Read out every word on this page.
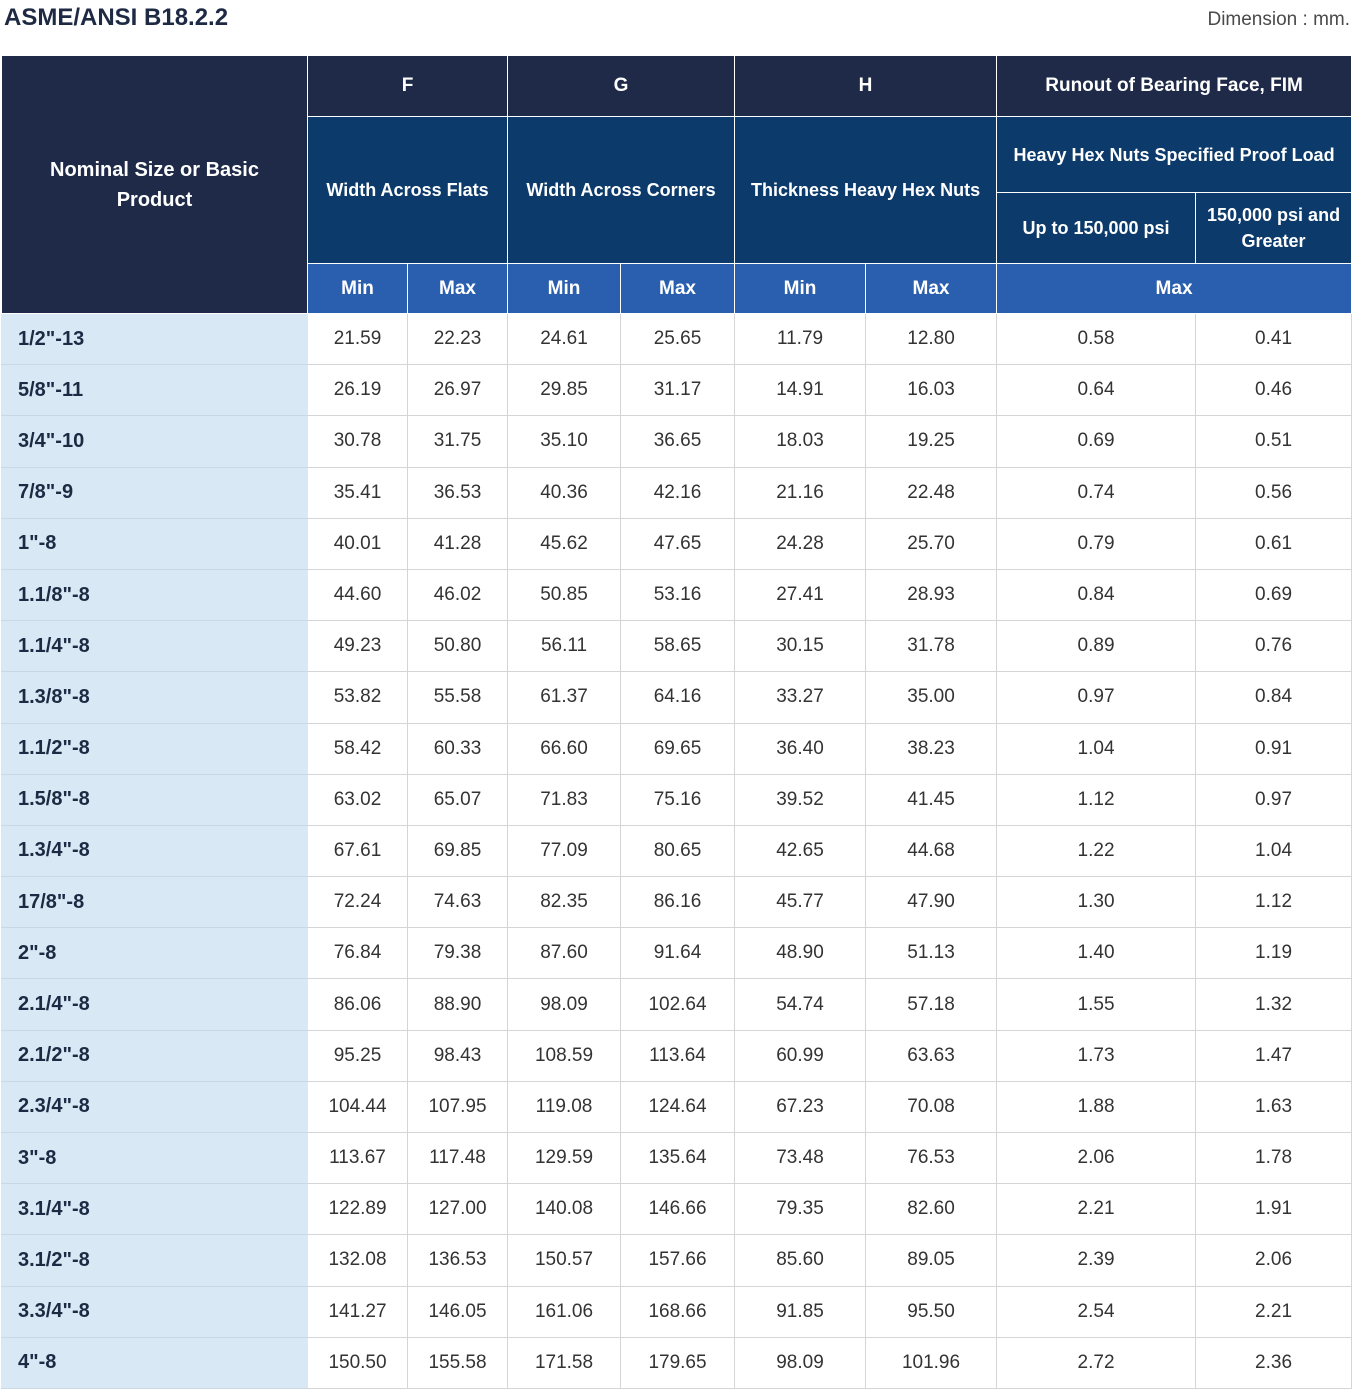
ASME/ANSI B18.2.2	Dimension : mm.
Nominal Size or Basic Product	F		G		H		Runout of Bearing Face, FIM	
	Width Across Flats		Width Across Corners		Thickness Heavy Hex Nuts		Heavy Hex Nuts Specified Proof Load	
							Up to 150,000 psi	150,000 psi and Greater
	Min	Max	Min	Max	Min	Max	Max	
1/2"-13	21.59	22.23	24.61	25.65	11.79	12.80	0.58	0.41
5/8"-11	26.19	26.97	29.85	31.17	14.91	16.03	0.64	0.46
3/4"-10	30.78	31.75	35.10	36.65	18.03	19.25	0.69	0.51
7/8"-9	35.41	36.53	40.36	42.16	21.16	22.48	0.74	0.56
1"-8	40.01	41.28	45.62	47.65	24.28	25.70	0.79	0.61
1.1/8"-8	44.60	46.02	50.85	53.16	27.41	28.93	0.84	0.69
1.1/4"-8	49.23	50.80	56.11	58.65	30.15	31.78	0.89	0.76
1.3/8"-8	53.82	55.58	61.37	64.16	33.27	35.00	0.97	0.84
1.1/2"-8	58.42	60.33	66.60	69.65	36.40	38.23	1.04	0.91
1.5/8"-8	63.02	65.07	71.83	75.16	39.52	41.45	1.12	0.97
1.3/4"-8	67.61	69.85	77.09	80.65	42.65	44.68	1.22	1.04
17/8"-8	72.24	74.63	82.35	86.16	45.77	47.90	1.30	1.12
2"-8	76.84	79.38	87.60	91.64	48.90	51.13	1.40	1.19
2.1/4"-8	86.06	88.90	98.09	102.64	54.74	57.18	1.55	1.32
2.1/2"-8	95.25	98.43	108.59	113.64	60.99	63.63	1.73	1.47
2.3/4"-8	104.44	107.95	119.08	124.64	67.23	70.08	1.88	1.63
3"-8	113.67	117.48	129.59	135.64	73.48	76.53	2.06	1.78
3.1/4"-8	122.89	127.00	140.08	146.66	79.35	82.60	2.21	1.91
3.1/2"-8	132.08	136.53	150.57	157.66	85.60	89.05	2.39	2.06
3.3/4"-8	141.27	146.05	161.06	168.66	91.85	95.50	2.54	2.21
4"-8	150.50	155.58	171.58	179.65	98.09	101.96	2.72	2.36
